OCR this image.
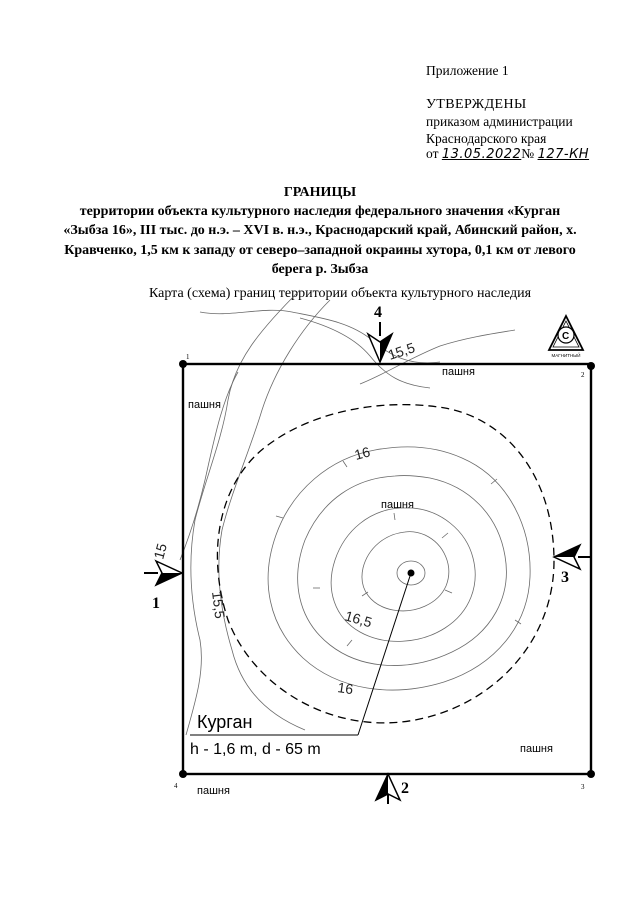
Приложение 1
УТВЕРЖДЕНЫ
приказом администрации
Краснодарского края
от 13.05.2022№ 127-КН
ГРАНИЦЫ
территории объекта культурного наследия федерального значения «Курган «Зыбза 16», III тыс. до н.э. – XVI в. н.э., Краснодарский край, Абинский район, х. Кравченко, 1,5 км к западу от северо–западной окраины хутора, 0,1 км от левого берега р. Зыбза
Карта (схема) границ территории объекта культурного наследия
1
2
3
4
15,5
15
15,5
16
16,5
16
пашня
пашня
пашня
пашня
пашня
Курган
h - 1,6 m, d - 65 m
4
1
3
2
C
МАГНИТНЫЙ
